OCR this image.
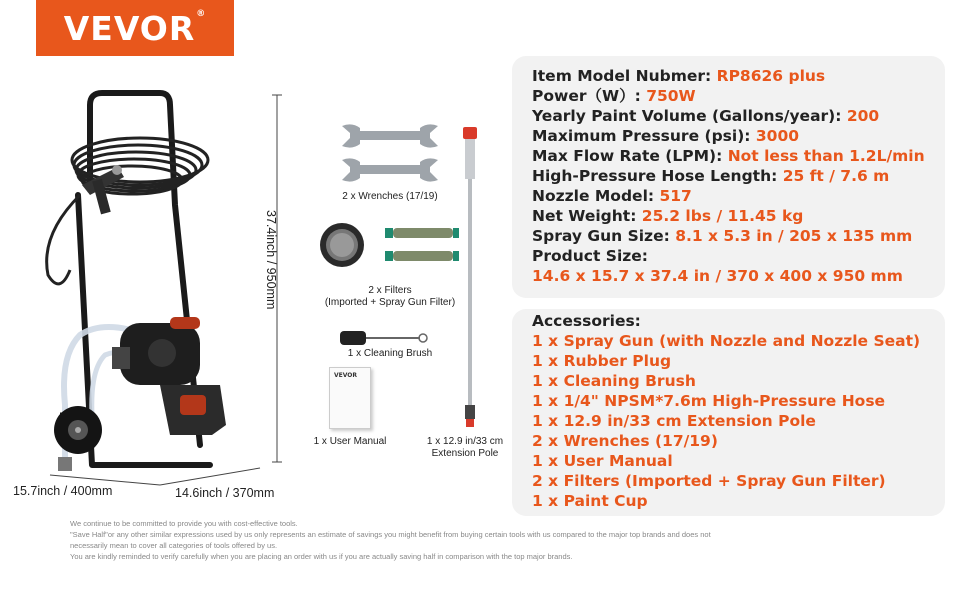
VEVOR®
37.4inch / 950mm
15.7inch / 400mm	14.6inch / 370mm
2 x Wrenches (17/19)
2 x Filters
(Imported + Spray Gun Filter)
1 x Cleaning Brush
VEVOR
1 x User Manual	1 x 12.9 in/33 cm
Extension Pole
Item Model Nubmer: RP8626 plus
Power（W）: 750W
Yearly Paint Volume (Gallons/year): 200
Maximum Pressure (psi): 3000
Max Flow Rate (LPM): Not less than 1.2L/min
High-Pressure Hose Length: 25 ft / 7.6 m
Nozzle Model: 517
Net Weight: 25.2 lbs / 11.45 kg
Spray Gun Size: 8.1 x 5.3 in / 205 x 135 mm
Product Size:
14.6 x 15.7 x 37.4 in / 370 x 400 x 950 mm
Accessories:
1 x Spray Gun (with Nozzle and Nozzle Seat)
1 x Rubber Plug
1 x Cleaning Brush
1 x 1/4" NPSM*7.6m High-Pressure Hose
1 x 12.9 in/33 cm Extension Pole
2 x Wrenches (17/19)
1 x User Manual
2 x Filters (Imported + Spray Gun Filter)
1 x Paint Cup
We continue to be committed to provide you with cost-effective tools.
"Save Half"or any other similar expressions used by us only represents an estimate of savings you might benefit from buying certain tools with us compared to the major top brands and does not
necessarily mean to cover all categories of tools offered by us.
You are kindly reminded to verify carefully when you are placing an order with us if you are actually saving half in comparison with the top major brands.
